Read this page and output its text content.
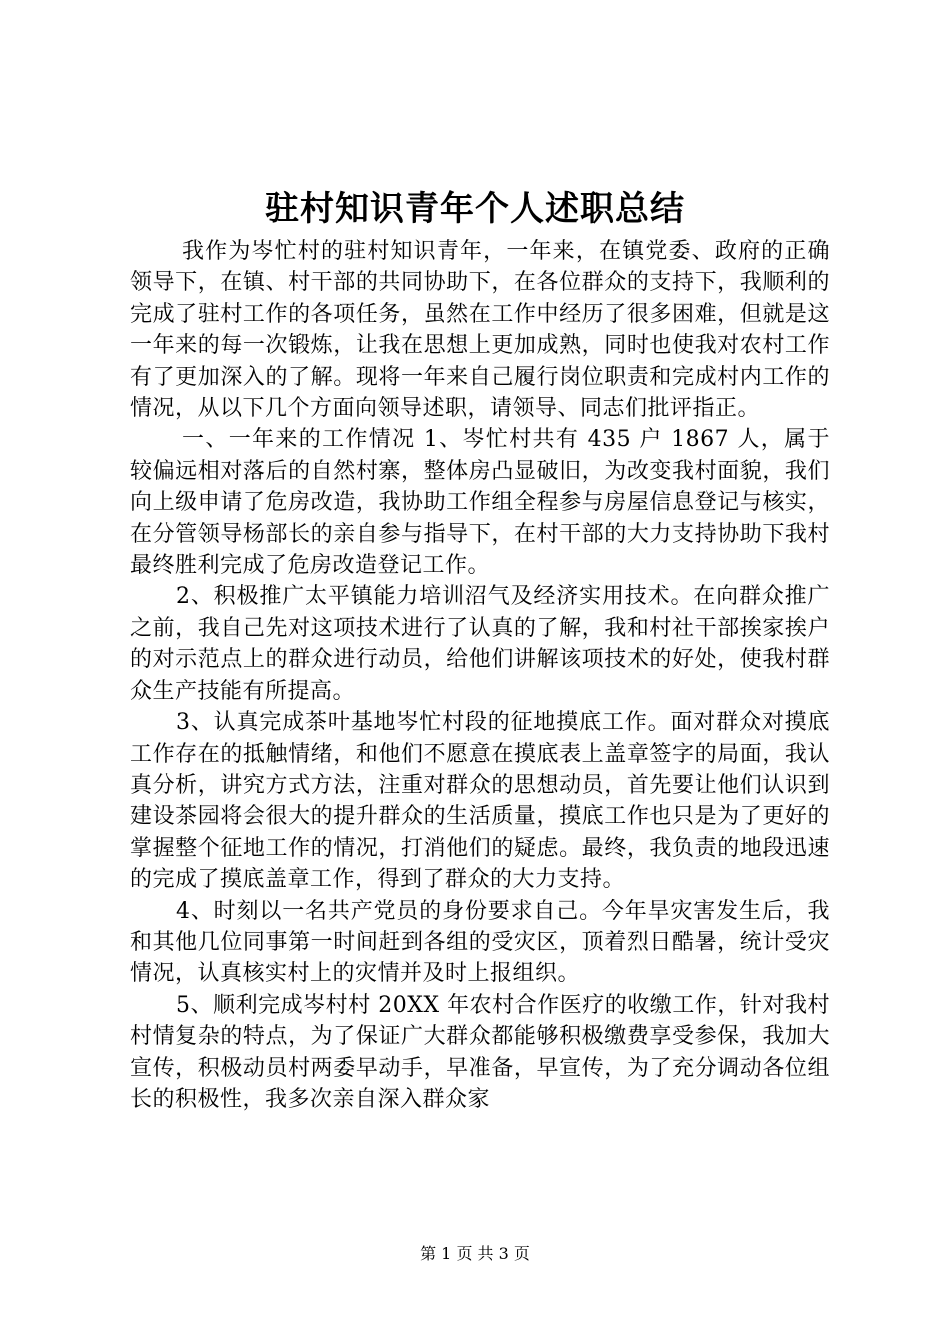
驻村知识青年个人述职总结

我作为岑忙村的驻村知识青年，一年来，在镇党委、政府的正确领导下，在镇、村干部的共同协助下，在各位群众的支持下，我顺利的完成了驻村工作的各项任务，虽然在工作中经历了很多困难，但就是这一年来的每一次锻炼，让我在思想上更加成熟，同时也使我对农村工作有了更加深入的了解。现将一年来自己履行岗位职责和完成村内工作的情况，从以下几个方面向领导述职，请领导、同志们批评指正。

一、一年来的工作情况 1、岑忙村共有 435 户 1867 人，属于较偏远相对落后的自然村寨，整体房凸显破旧，为改变我村面貌，我们向上级申请了危房改造，我协助工作组全程参与房屋信息登记与核实，在分管领导杨部长的亲自参与指导下，在村干部的大力支持协助下我村最终胜利完成了危房改造登记工作。

2、积极推广太平镇能力培训沼气及经济实用技术。在向群众推广之前，我自己先对这项技术进行了认真的了解，我和村社干部挨家挨户的对示范点上的群众进行动员，给他们讲解该项技术的好处，使我村群众生产技能有所提高。

3、认真完成茶叶基地岑忙村段的征地摸底工作。面对群众对摸底工作存在的抵触情绪，和他们不愿意在摸底表上盖章签字的局面，我认真分析，讲究方式方法，注重对群众的思想动员，首先要让他们认识到建设茶园将会很大的提升群众的生活质量，摸底工作也只是为了更好的掌握整个征地工作的情况，打消他们的疑虑。最终，我负责的地段迅速的完成了摸底盖章工作，得到了群众的大力支持。

4、时刻以一名共产党员的身份要求自己。今年旱灾害发生后，我和其他几位同事第一时间赶到各组的受灾区，顶着烈日酷暑，统计受灾情况，认真核实村上的灾情并及时上报组织。

5、顺利完成岑村村 20XX 年农村合作医疗的收缴工作，针对我村村情复杂的特点，为了保证广大群众都能够积极缴费享受参保，我加大宣传，积极动员村两委早动手，早准备，早宣传，为了充分调动各位组长的积极性，我多次亲自深入群众家

第 1 页 共 3 页
